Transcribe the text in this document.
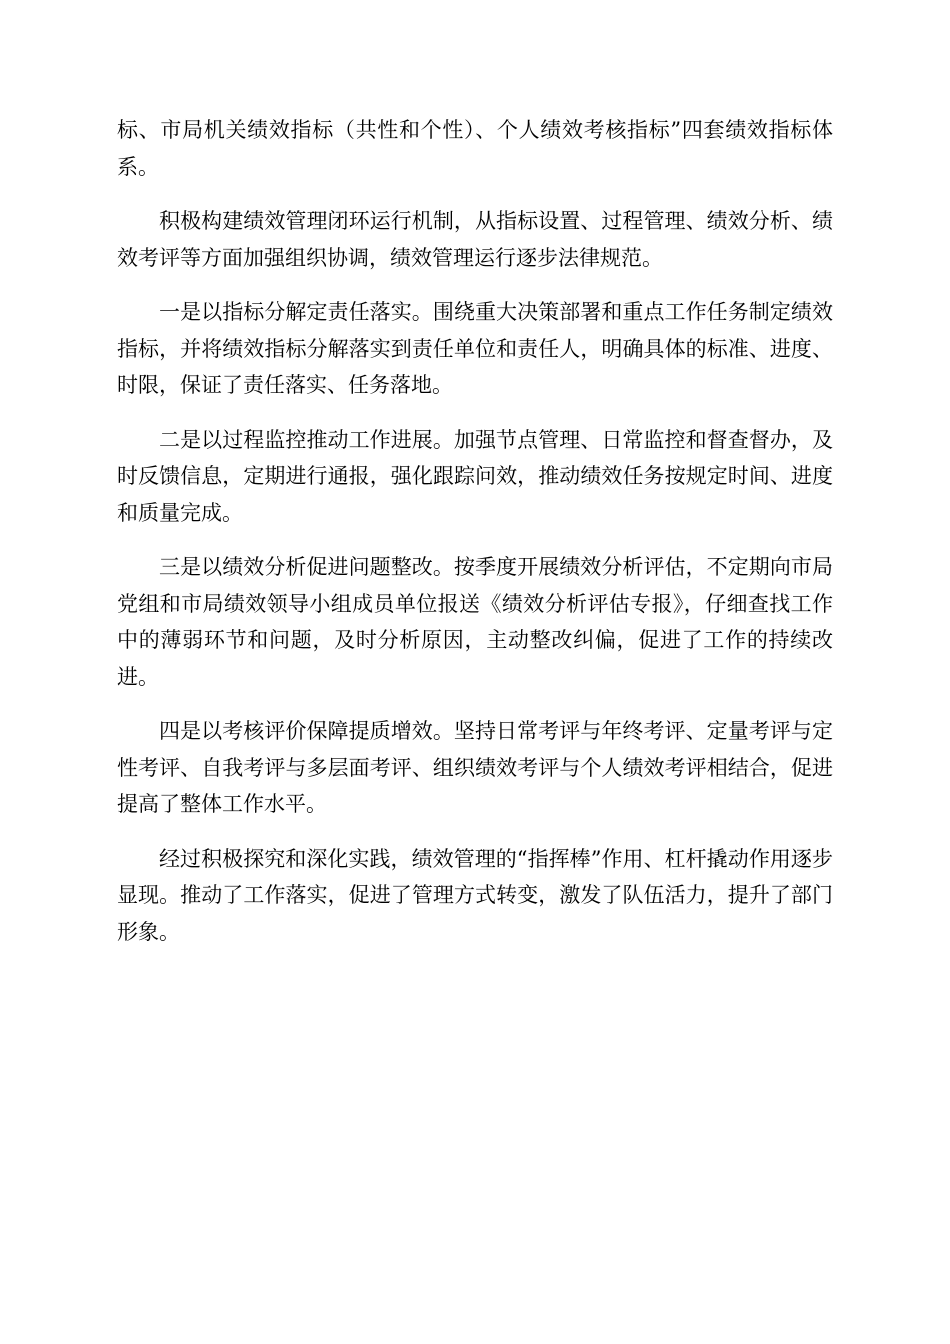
标、市局机关绩效指标（共性和个性）、个人绩效考核指标”四套绩效指标体系。

积极构建绩效管理闭环运行机制，从指标设置、过程管理、绩效分析、绩效考评等方面加强组织协调，绩效管理运行逐步法律规范。

一是以指标分解定责任落实。围绕重大决策部署和重点工作任务制定绩效指标，并将绩效指标分解落实到责任单位和责任人，明确具体的标准、进度、时限，保证了责任落实、任务落地。

二是以过程监控推动工作进展。加强节点管理、日常监控和督查督办，及时反馈信息，定期进行通报，强化跟踪问效，推动绩效任务按规定时间、进度和质量完成。

三是以绩效分析促进问题整改。按季度开展绩效分析评估，不定期向市局党组和市局绩效领导小组成员单位报送《绩效分析评估专报》，仔细查找工作中的薄弱环节和问题，及时分析原因，主动整改纠偏，促进了工作的持续改进。

四是以考核评价保障提质增效。坚持日常考评与年终考评、定量考评与定性考评、自我考评与多层面考评、组织绩效考评与个人绩效考评相结合，促进提高了整体工作水平。

经过积极探究和深化实践，绩效管理的“指挥棒”作用、杠杆撬动作用逐步显现。推动了工作落实，促进了管理方式转变，激发了队伍活力，提升了部门形象。
